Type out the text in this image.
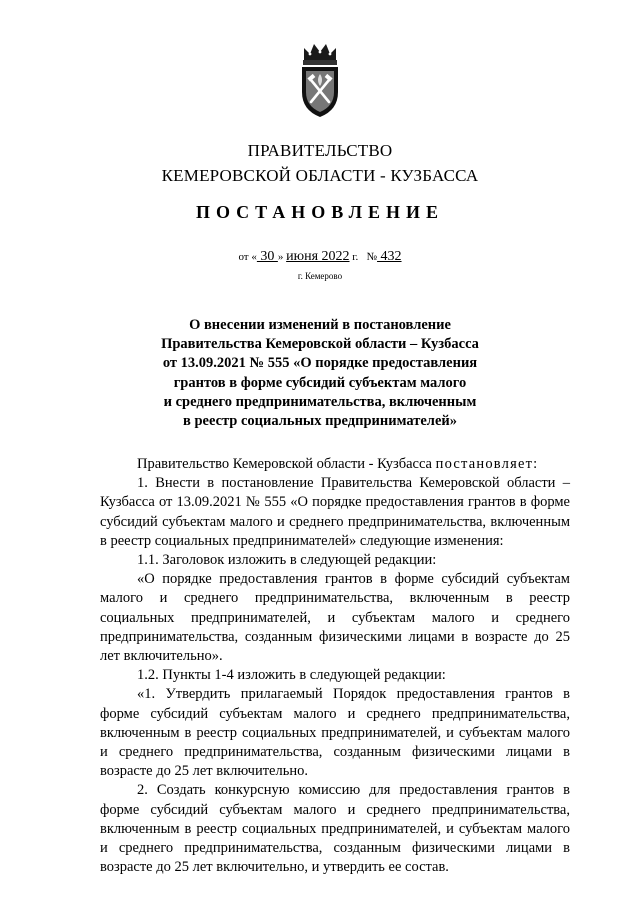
ПРАВИТЕЛЬСТВО
КЕМЕРОВСКОЙ ОБЛАСТИ - КУЗБАССА
ПОСТАНОВЛЕНИЕ
от « 30 » июня 2022 г. № 432
г. Кемерово
О внесении изменений в постановление
Правительства Кемеровской области – Кузбасса
от 13.09.2021 № 555 «О порядке предоставления
грантов в форме субсидий субъектам малого
и среднего предпринимательства, включенным
в реестр социальных предпринимателей»

Правительство Кемеровской области - Кузбасса постановляет:

1. Внести в постановление Правительства Кемеровской области – Кузбасса от 13.09.2021 № 555 «О порядке предоставления грантов в форме субсидий субъектам малого и среднего предпринимательства, включенным в реестр социальных предпринимателей» следующие изменения:

1.1. Заголовок изложить в следующей редакции:

«О порядке предоставления грантов в форме субсидий субъектам малого и среднего предпринимательства, включенным в реестр социальных предпринимателей, и субъектам малого и среднего предпринимательства, созданным физическими лицами в возрасте до 25 лет включительно».

1.2. Пункты 1-4 изложить в следующей редакции:

«1. Утвердить прилагаемый Порядок предоставления грантов в форме субсидий субъектам малого и среднего предпринимательства, включенным в реестр социальных предпринимателей, и субъектам малого и среднего предпринимательства, созданным физическими лицами в возрасте до 25 лет включительно.

2. Создать конкурсную комиссию для предоставления грантов в форме субсидий субъектам малого и среднего предпринимательства, включенным в реестр социальных предпринимателей, и субъектам малого и среднего предпринимательства, созданным физическими лицами в возрасте до 25 лет включительно, и утвердить ее состав.
